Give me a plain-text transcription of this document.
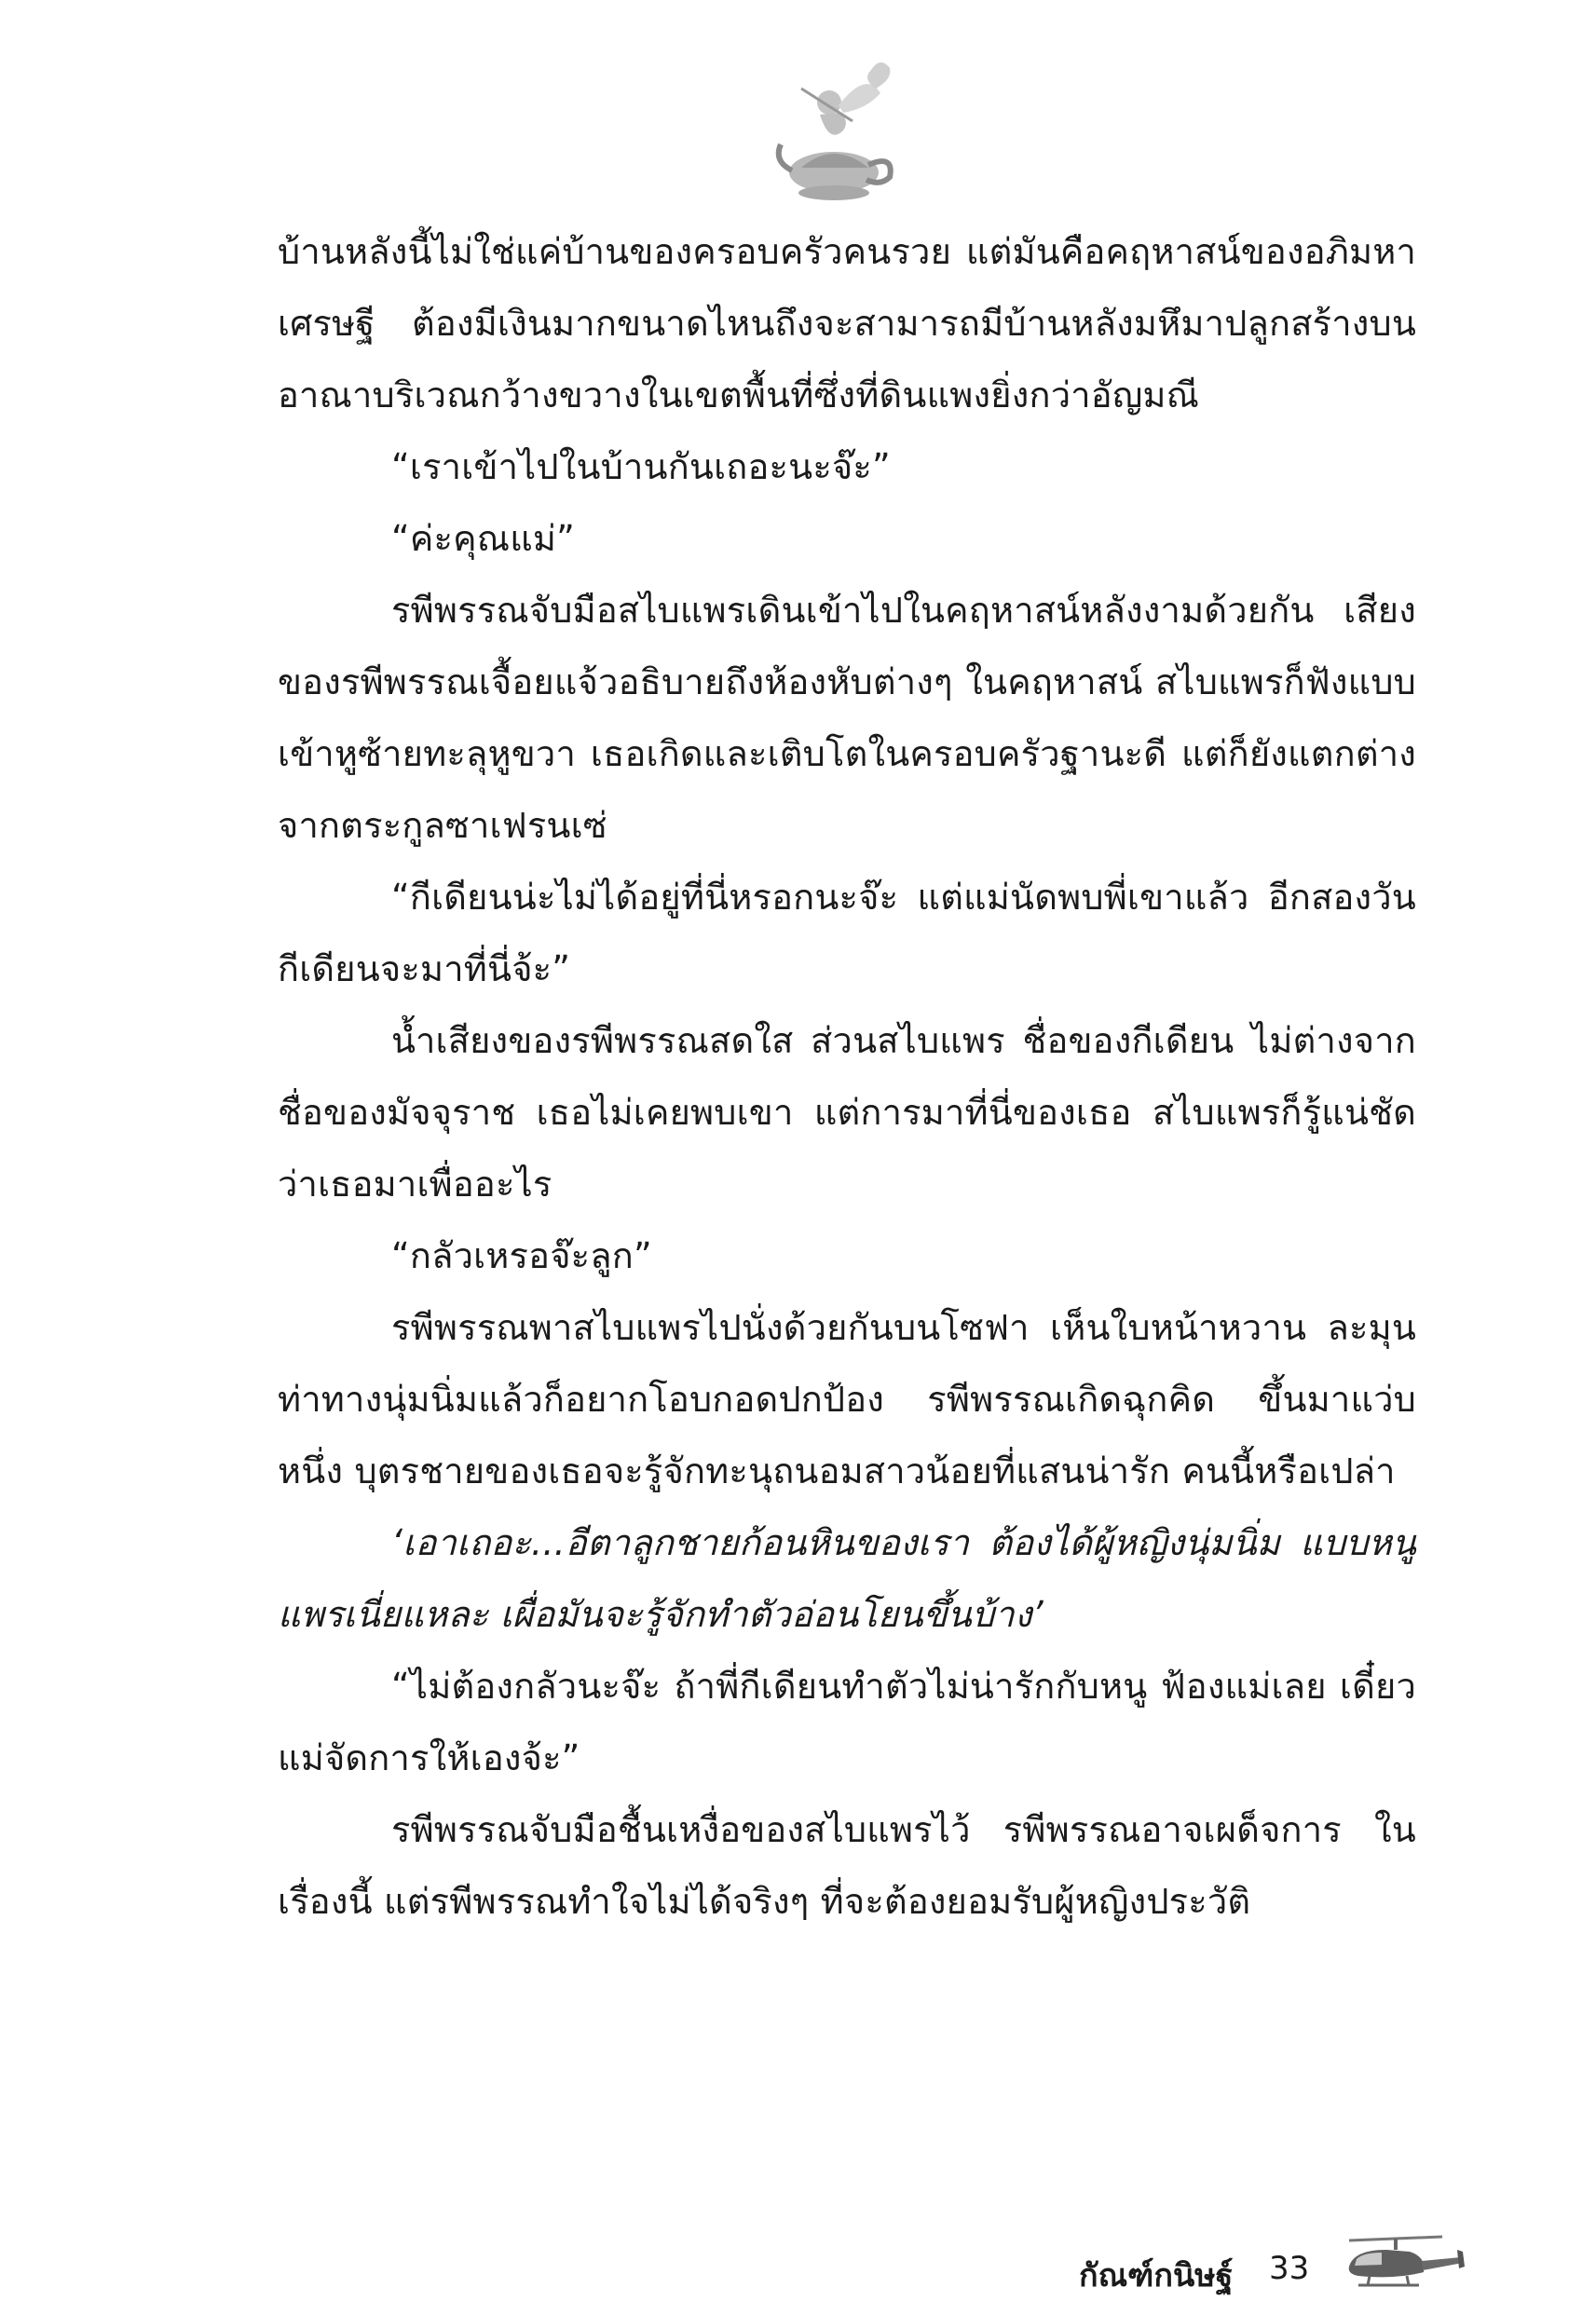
บ้านหลังนี้ไม่ใช่แค่บ้านของครอบครัวคนรวย แต่มันคือคฤหาสน์ของอภิมหาเศรษฐี ต้องมีเงินมากขนาดไหนถึงจะสามารถมีบ้านหลังมหึมาปลูกสร้างบนอาณาบริเวณกว้างขวางในเขตพื้นที่ซึ่งที่ดินแพงยิ่งกว่าอัญมณี

“เราเข้าไปในบ้านกันเถอะนะจ๊ะ”

“ค่ะคุณแม่”

รพีพรรณจับมือสไบแพรเดินเข้าไปในคฤหาสน์หลังงามด้วยกัน เสียงของรพีพรรณเจื้อยแจ้วอธิบายถึงห้องหับต่างๆ ในคฤหาสน์ สไบแพรก็ฟังแบบเข้าหูซ้ายทะลุหูขวา เธอเกิดและเติบโตในครอบครัวฐานะดี แต่ก็ยังแตกต่างจากตระกูลซาเฟรนเซ่

“กีเดียนน่ะไม่ได้อยู่ที่นี่หรอกนะจ๊ะ แต่แม่นัดพบพี่เขาแล้ว อีกสองวันกีเดียนจะมาที่นี่จ้ะ”

น้ำเสียงของรพีพรรณสดใส ส่วนสไบแพร ชื่อของกีเดียน ไม่ต่างจากชื่อของมัจจุราช เธอไม่เคยพบเขา แต่การมาที่นี่ของเธอ สไบแพรก็รู้แน่ชัดว่าเธอมาเพื่ออะไร

“กลัวเหรอจ๊ะลูก”

รพีพรรณพาสไบแพรไปนั่งด้วยกันบนโซฟา เห็นใบหน้าหวาน ละมุน ท่าทางนุ่มนิ่มแล้วก็อยากโอบกอดปกป้อง รพีพรรณเกิดฉุกคิด ขึ้นมาแว่บหนึ่ง บุตรชายของเธอจะรู้จักทะนุถนอมสาวน้อยที่แสนน่ารัก คนนี้หรือเปล่า

‘เอาเถอะ...อีตาลูกชายก้อนหินของเรา ต้องได้ผู้หญิงนุ่มนิ่ม แบบหนูแพรเนี่ยแหละ เผื่อมันจะรู้จักทำตัวอ่อนโยนขึ้นบ้าง’

“ไม่ต้องกลัวนะจ๊ะ ถ้าพี่กีเดียนทำตัวไม่น่ารักกับหนู ฟ้องแม่เลย เดี๋ยวแม่จัดการให้เองจ้ะ”

รพีพรรณจับมือชื้นเหงื่อของสไบแพรไว้ รพีพรรณอาจเผด็จการ ในเรื่องนี้ แต่รพีพรรณทำใจไม่ได้จริงๆ ที่จะต้องยอมรับผู้หญิงประวัติ

กัณฑ์กนิษฐ์ 33
